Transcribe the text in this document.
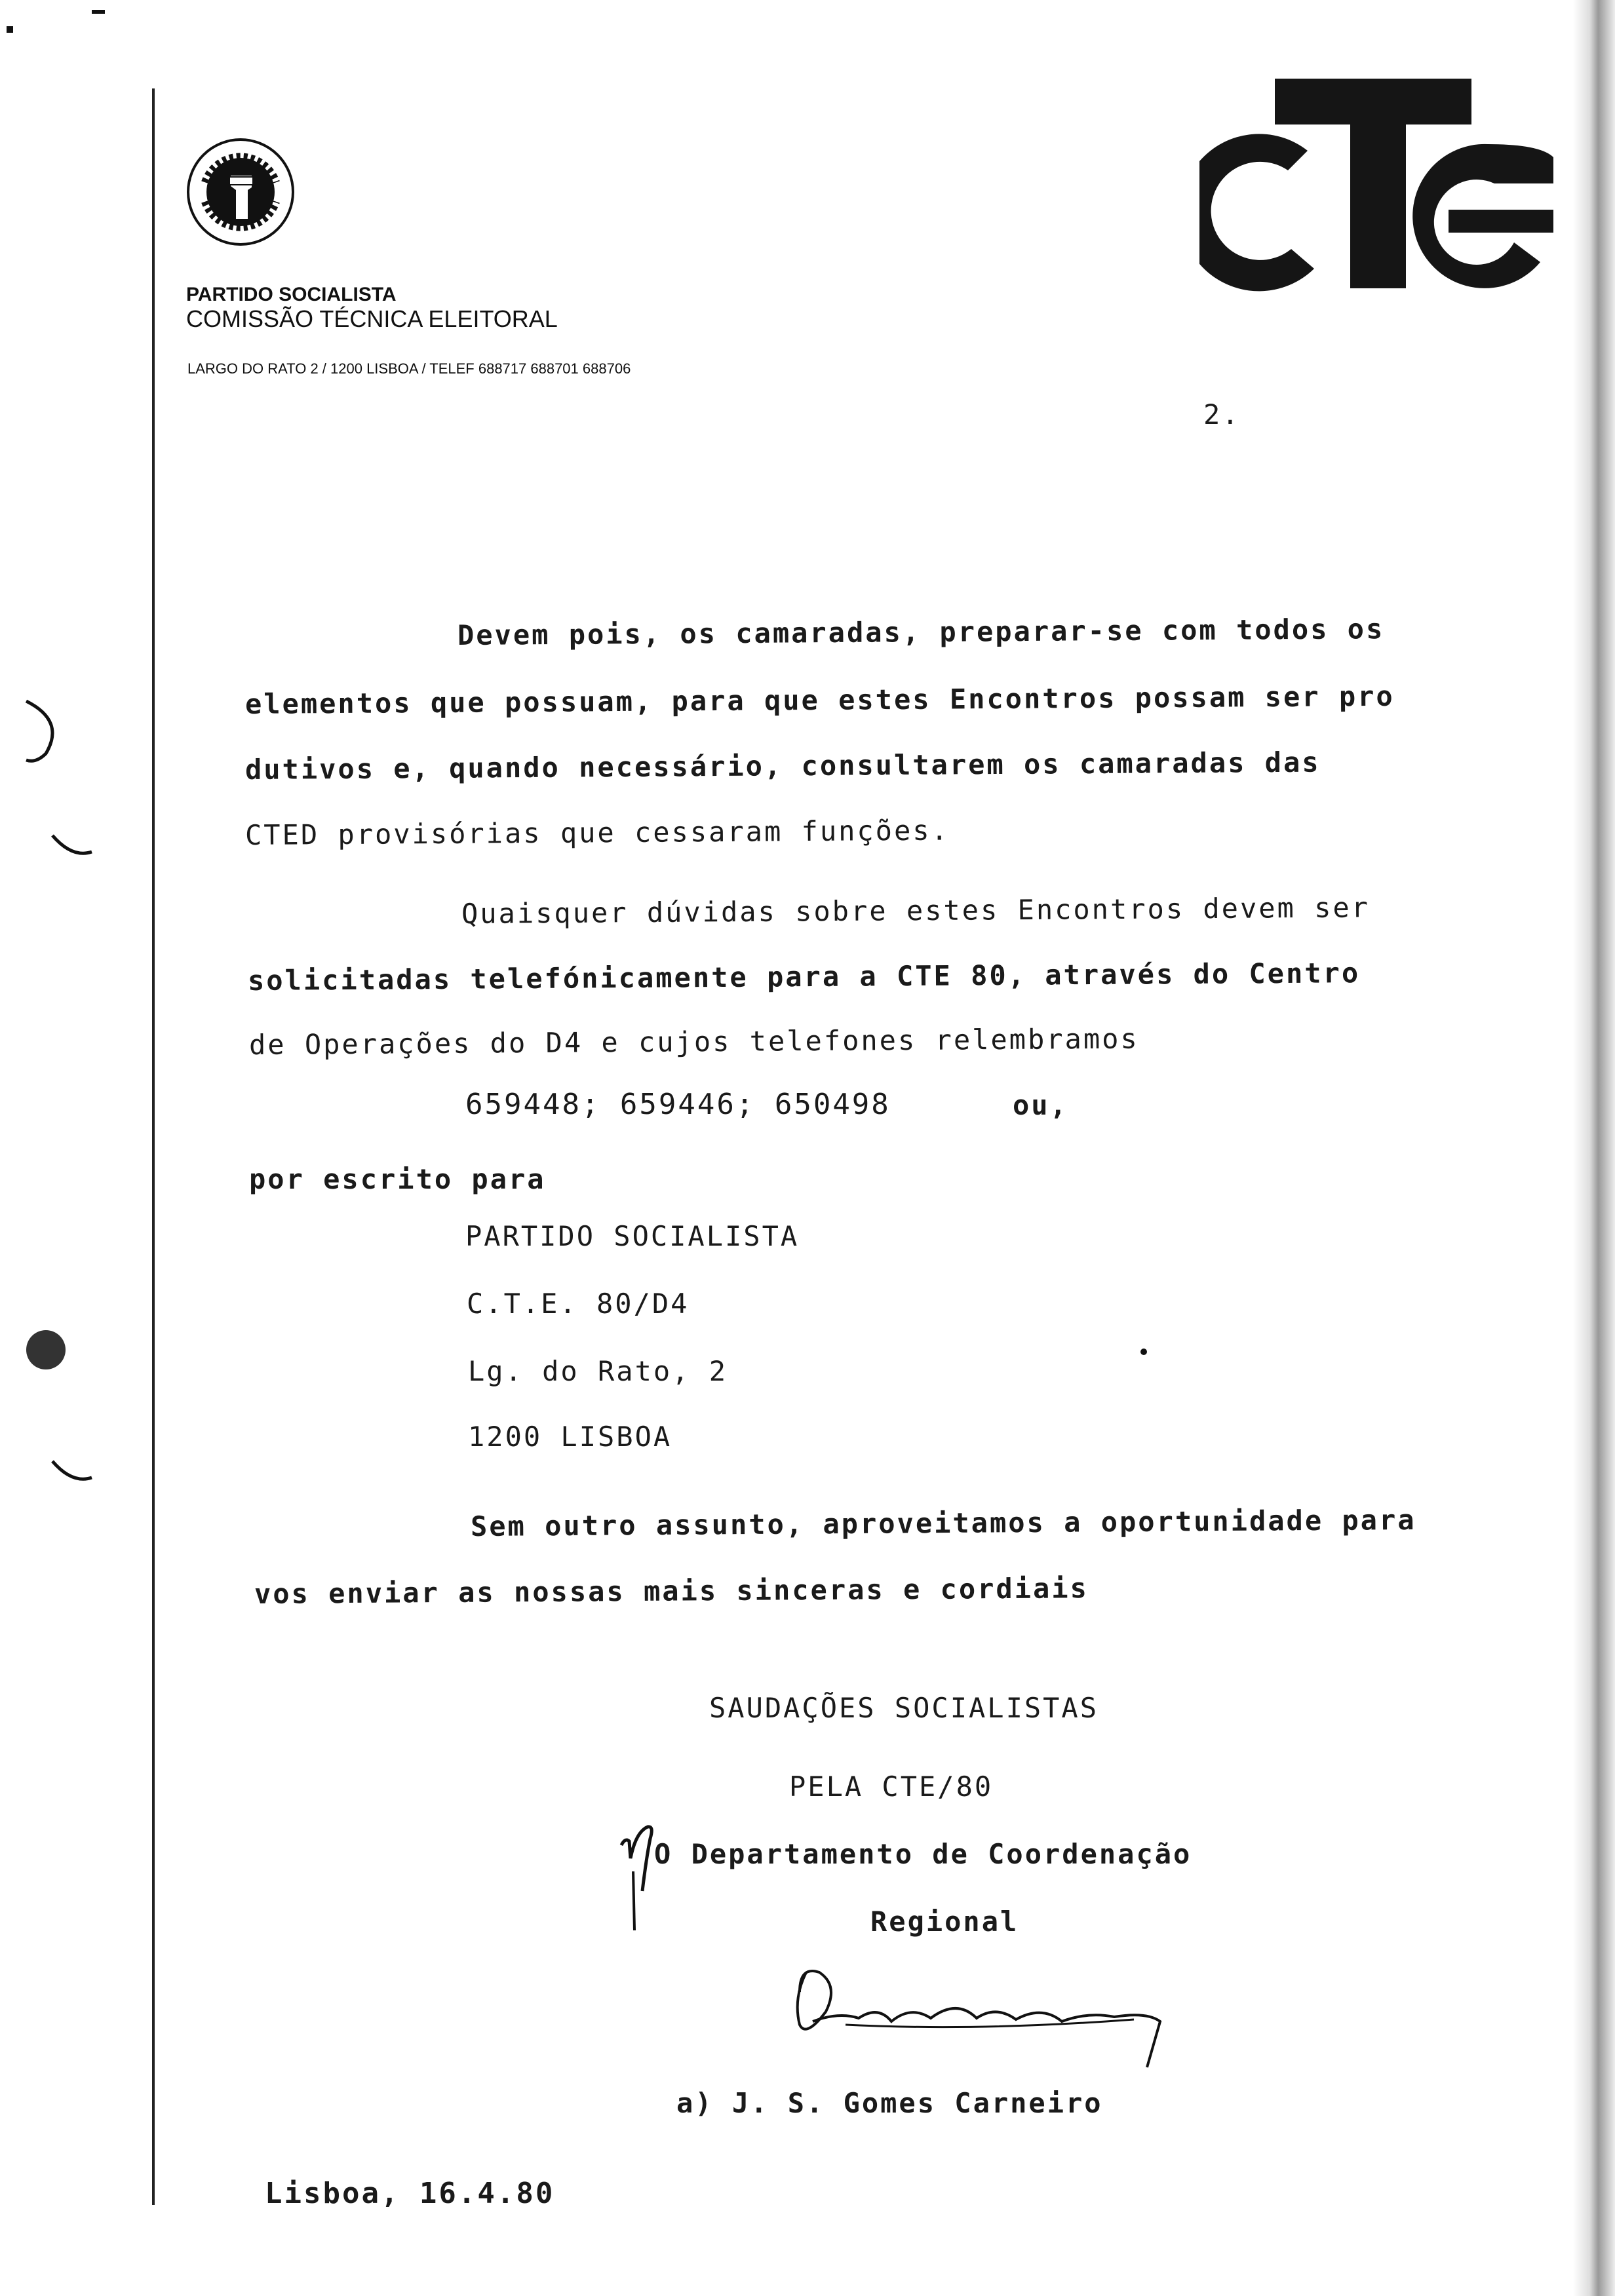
PARTIDO SOCIALISTA
COMISSÃO TÉCNICA ELEITORAL
LARGO DO RATO 2 / 1200 LISBOA / TELEF 688717 688701 688706
2.
Devem pois, os camaradas, preparar-se com todos os
elementos que possuam, para que estes Encontros possam ser pro
dutivos e, quando necessário, consultarem os camaradas das
CTED provisórias que cessaram funções.
Quaisquer dúvidas sobre estes Encontros devem ser
solicitadas telefónicamente para a CTE 80, através do Centro
de Operações do D4 e cujos telefones relembramos
659448; 659446; 650498	ou,
por escrito para
PARTIDO SOCIALISTA
C.T.E. 80/D4
Lg. do Rato, 2
1200 LISBOA
Sem outro assunto, aproveitamos a oportunidade para
vos enviar as nossas mais sinceras e cordiais
SAUDAÇÕES SOCIALISTAS
PELA CTE/80
O Departamento de Coordenação
Regional
a) J. S. Gomes Carneiro
Lisboa, 16.4.80
